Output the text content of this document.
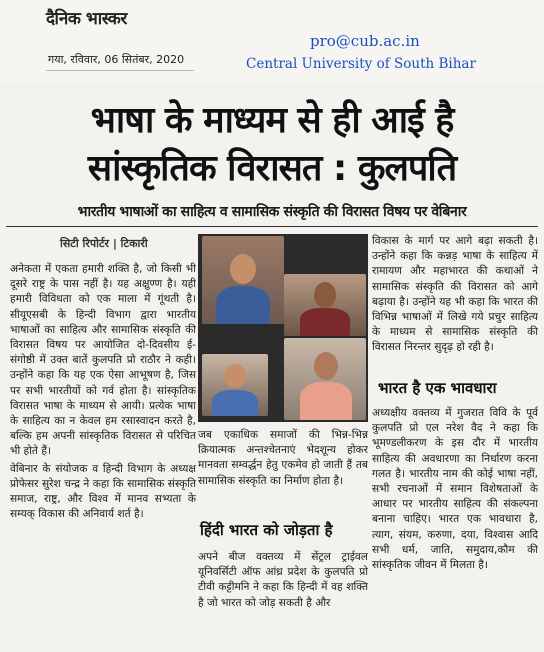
दैनिक भास्कर
गया, रविवार, 06 सितंबर, 2020
pro@cub.ac.in
Central University of South Bihar
भाषा के माध्यम से ही आई है
सांस्कृतिक विरासत : कुलपति
भारतीय भाषाओं का साहित्य व सामासिक संस्कृति की विरासत विषय पर वेबिनार
सिटी रिपोर्टर | टिकारी

अनेकता में एकता हमारी शक्ति है, जो किसी भी दूसरे राष्ट्र के पास नहीं है। यह अक्षुण्ण है। यही हमारी विविधता को एक माला में गूंथती है। सीयूएसबी के हिन्दी विभाग द्वारा भारतीय भाषाओं का साहित्य और सामासिक संस्कृति की विरासत विषय पर आयोजित दो-दिवसीय ई-संगोष्ठी में उक्त बातें कुलपति प्रो राठौर ने कही। उन्होंने कहा कि यह एक ऐसा आभूषण है, जिस पर सभी भारतीयों को गर्व होता है। सांस्कृतिक विरासत भाषा के माध्यम से आयी। प्रत्येक भाषा के साहित्य का न केवल हम रसास्वादन करते है, बल्कि हम अपनी सांस्कृतिक विरासत से परिचित भी होते हैं।

वेबिनार के संयोजक व हिन्दी विभाग के अध्यक्ष प्रोफेसर सुरेश चन्द्र ने कहा कि सामासिक संस्कृति समाज, राष्ट्र, और विश्व में मानव सभ्यता के सम्यक् विकास की अनिवार्य शर्त है।

जब एकाधिक समाजों की भिन्न-भिन्न क्रियात्मक अन्तश्चेतनाएं भेदशून्य होकर मानवता सम्वर्द्धन हेतु एकमेव हो जाती हैं तब सामासिक संस्कृति का निर्माण होता है।

हिंदी भारत को जोड़ता है

अपने बीज वक्तव्य में सेंट्रल ट्राईवल यूनिवर्सिटी ऑफ आंध्र प्रदेश के कुलपति प्रो टीवी कट्टीमनि ने कहा कि हिन्दी में वह शक्ति है जो भारत को जोड़ सकती है और

विकास के मार्ग पर आगे बढ़ा सकती है। उन्होंने कहा कि कन्नड़ भाषा के साहित्य में रामायण और महाभारत की कथाओं ने सामासिक संस्कृति की विरासत को आगे बढ़ाया है। उन्होंने यह भी कहा कि भारत की विभिन्न भाषाओं में लिखे गये प्रचुर साहित्य के माध्यम से सामासिक संस्कृति की विरासत निरन्तर सुदृढ़ हो रही है।

भारत है एक भावधारा

अध्यक्षीय वक्तव्य में गुजरात विवि के पूर्व कुलपति प्रो एल नरेश वैद ने कहा कि भूमण्डलीकरण के इस दौर में भारतीय साहित्य की अवधारणा का निर्धारण करना गलत है। भारतीय नाम की कोई भाषा नहीं, सभी रचनाओं में समान विशेषताओं के आधार पर भारतीय साहित्य की संकल्पना बनाना चाहिए। भारत एक भावधारा है, त्याग, संयम, करुणा, दया, विश्वास आदि सभी धर्म, जाति, समुदाय,कौम की सांस्कृतिक जीवन में मिलता है।
